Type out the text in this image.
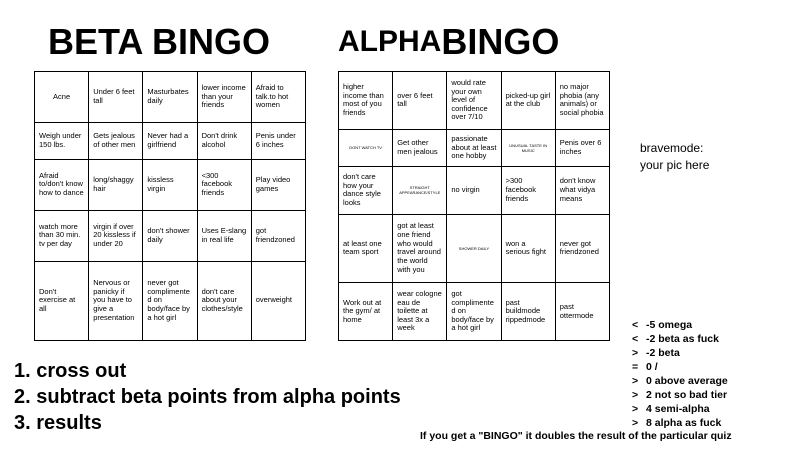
BETA BINGO ALPHABINGO
Acne	Under 6 feet tall	Masturbates daily	lower income than your friends	Afraid to talk.to hot women
Weigh under 150 lbs.	Gets jealous of other men	Never had a girlfriend	Don't drink alcohol	Penis under 6 inches
Afraid to/don't know how to dance	long/shaggy hair	kissless virgin	<300 facebook friends	Play video games
watch more than 30 min. tv per day	virgin if over 20 kissless if under 20	don't shower daily	Uses E-slang in real life	got friendzoned
Don't exercise at all	Nervous or panicky if you have to give a presentation	never got complimented on body/face by a hot girl	don't care about your clothes/style	overweight
higher income than most of you friends	over 6 feet tall	would rate your own level of confidence over 7/10	picked-up girl at the club	no major phobia (any animals) or social phobia
DONT WATCH TV	Get other men jealous	passionate about at least one hobby	UNUSUAL TASTE IN MUSIC	Penis over 6 inches
don't care how your dance style looks	STRAIGHT APPEARANCE/STYLE	no virgin	>300 facebook friends	don't know what vidya means
at least one team sport	got at least one friend who would travel around the world with you	SHOWER DAILY	won a serious fight	never got friendzoned
Work out at the gym/ at home	wear cologne eau de toilette at least 3x a week	got complimented on body/face by a hot girl	past buildmode rippedmode	past ottermode
bravemode:
your pic here
1. cross out
2. subtract beta points from alpha points
3. results
< -5 omega
< -2 beta as fuck
> -2 beta
= 0 /
> 0 above average
> 2 not so bad tier
> 4 semi-alpha
> 8 alpha as fuck
If you get a "BINGO" it doubles the result of the particular quiz
